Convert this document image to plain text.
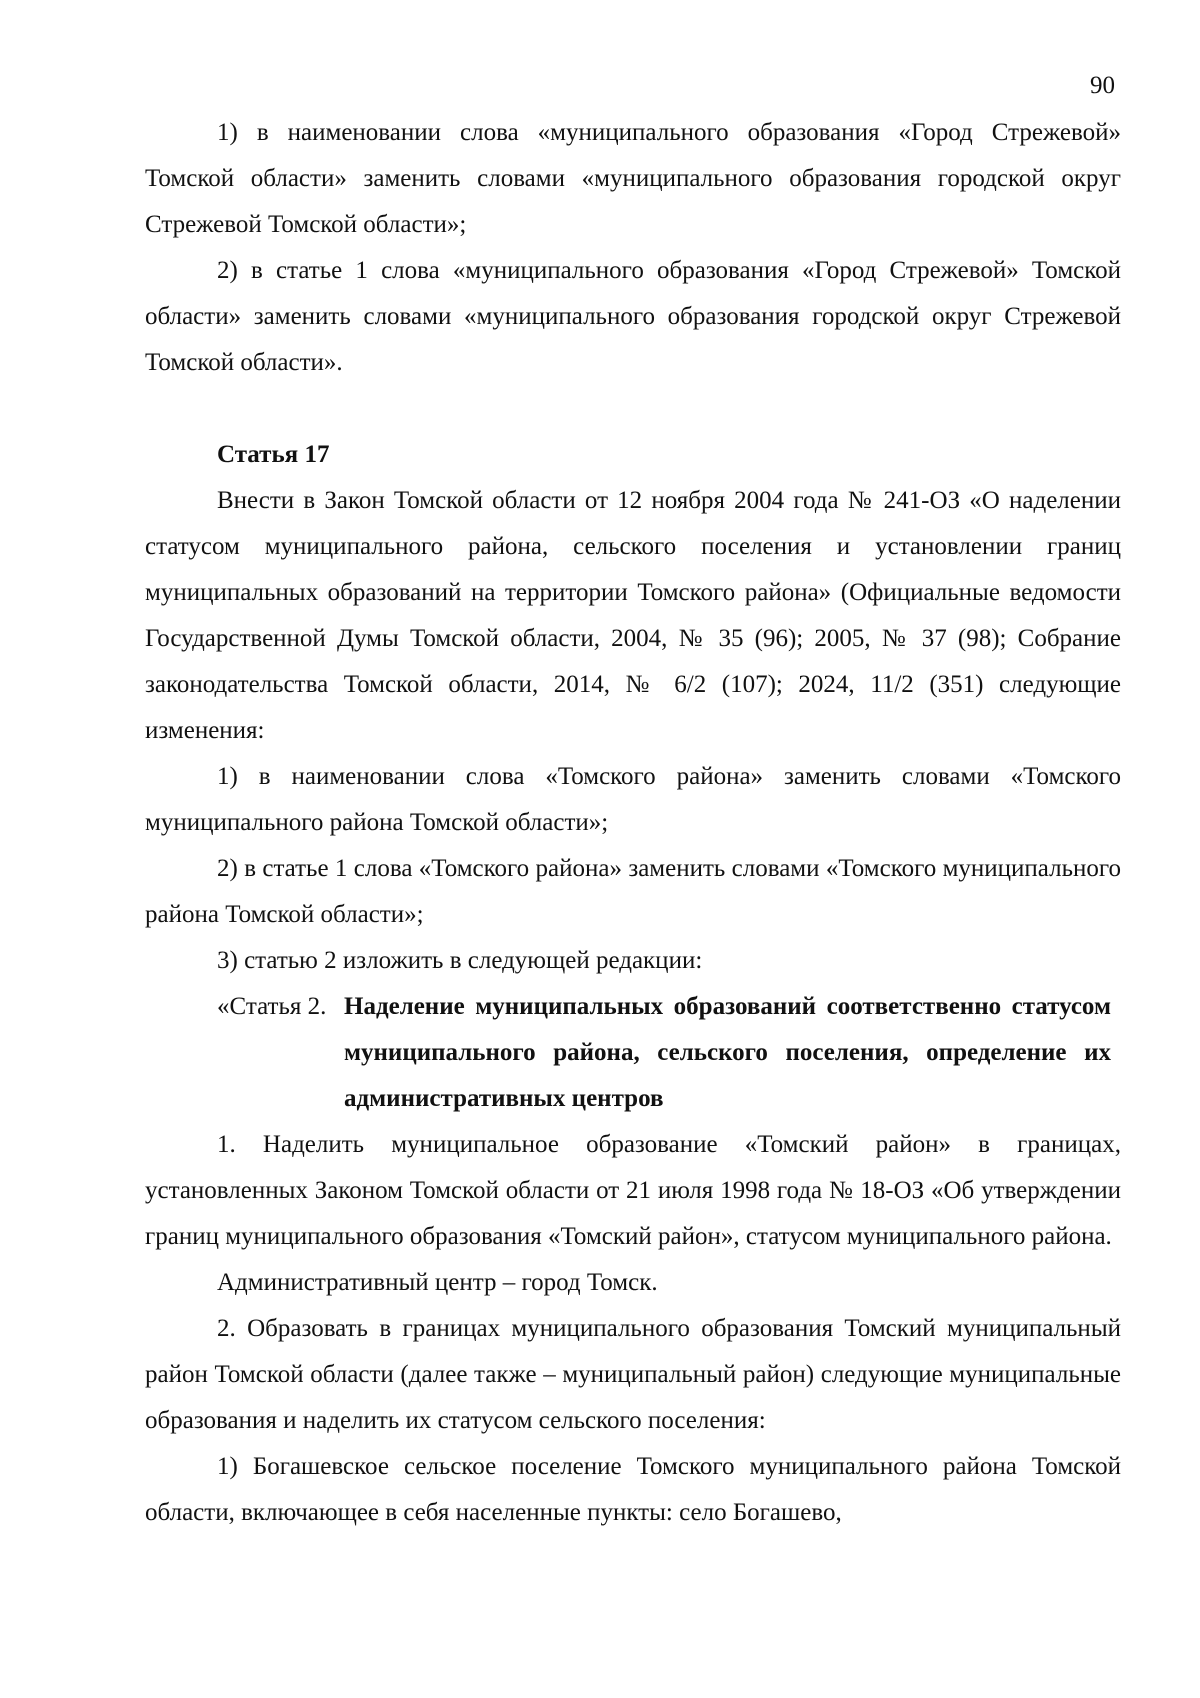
90

1) в наименовании слова «муниципального образования «Город Стрежевой» Томской области» заменить словами «муниципального образования городской округ Стрежевой Томской области»;

2) в статье 1 слова «муниципального образования «Город Стрежевой» Томской области» заменить словами «муниципального образования городской округ Стрежевой Томской области».

Статья 17

Внести в Закон Томской области от 12 ноября 2004 года № 241-ОЗ «О наделении статусом муниципального района, сельского поселения и установлении границ муниципальных образований на территории Томского района» (Официальные ведомости Государственной Думы Томской области, 2004, № 35 (96); 2005, № 37 (98); Собрание законодательства Томской области, 2014, № 6/2 (107); 2024, 11/2 (351) следующие изменения:

1) в наименовании слова «Томского района» заменить словами «Томского муниципального района Томской области»;

2) в статье 1 слова «Томского района» заменить словами «Томского муниципального района Томской области»;

3) статью 2 изложить в следующей редакции:

«Статья 2. Наделение муниципальных образований соответственно статусом муниципального района, сельского поселения, определение их административных центров

1. Наделить муниципальное образование «Томский район» в границах, установленных Законом Томской области от 21 июля 1998 года № 18-ОЗ «Об утверждении границ муниципального образования «Томский район», статусом муниципального района.

Административный центр – город Томск.

2. Образовать в границах муниципального образования Томский муниципальный район Томской области (далее также – муниципальный район) следующие муниципальные образования и наделить их статусом сельского поселения:

1) Богашевское сельское поселение Томского муниципального района Томской области, включающее в себя населенные пункты: село Богашево,
